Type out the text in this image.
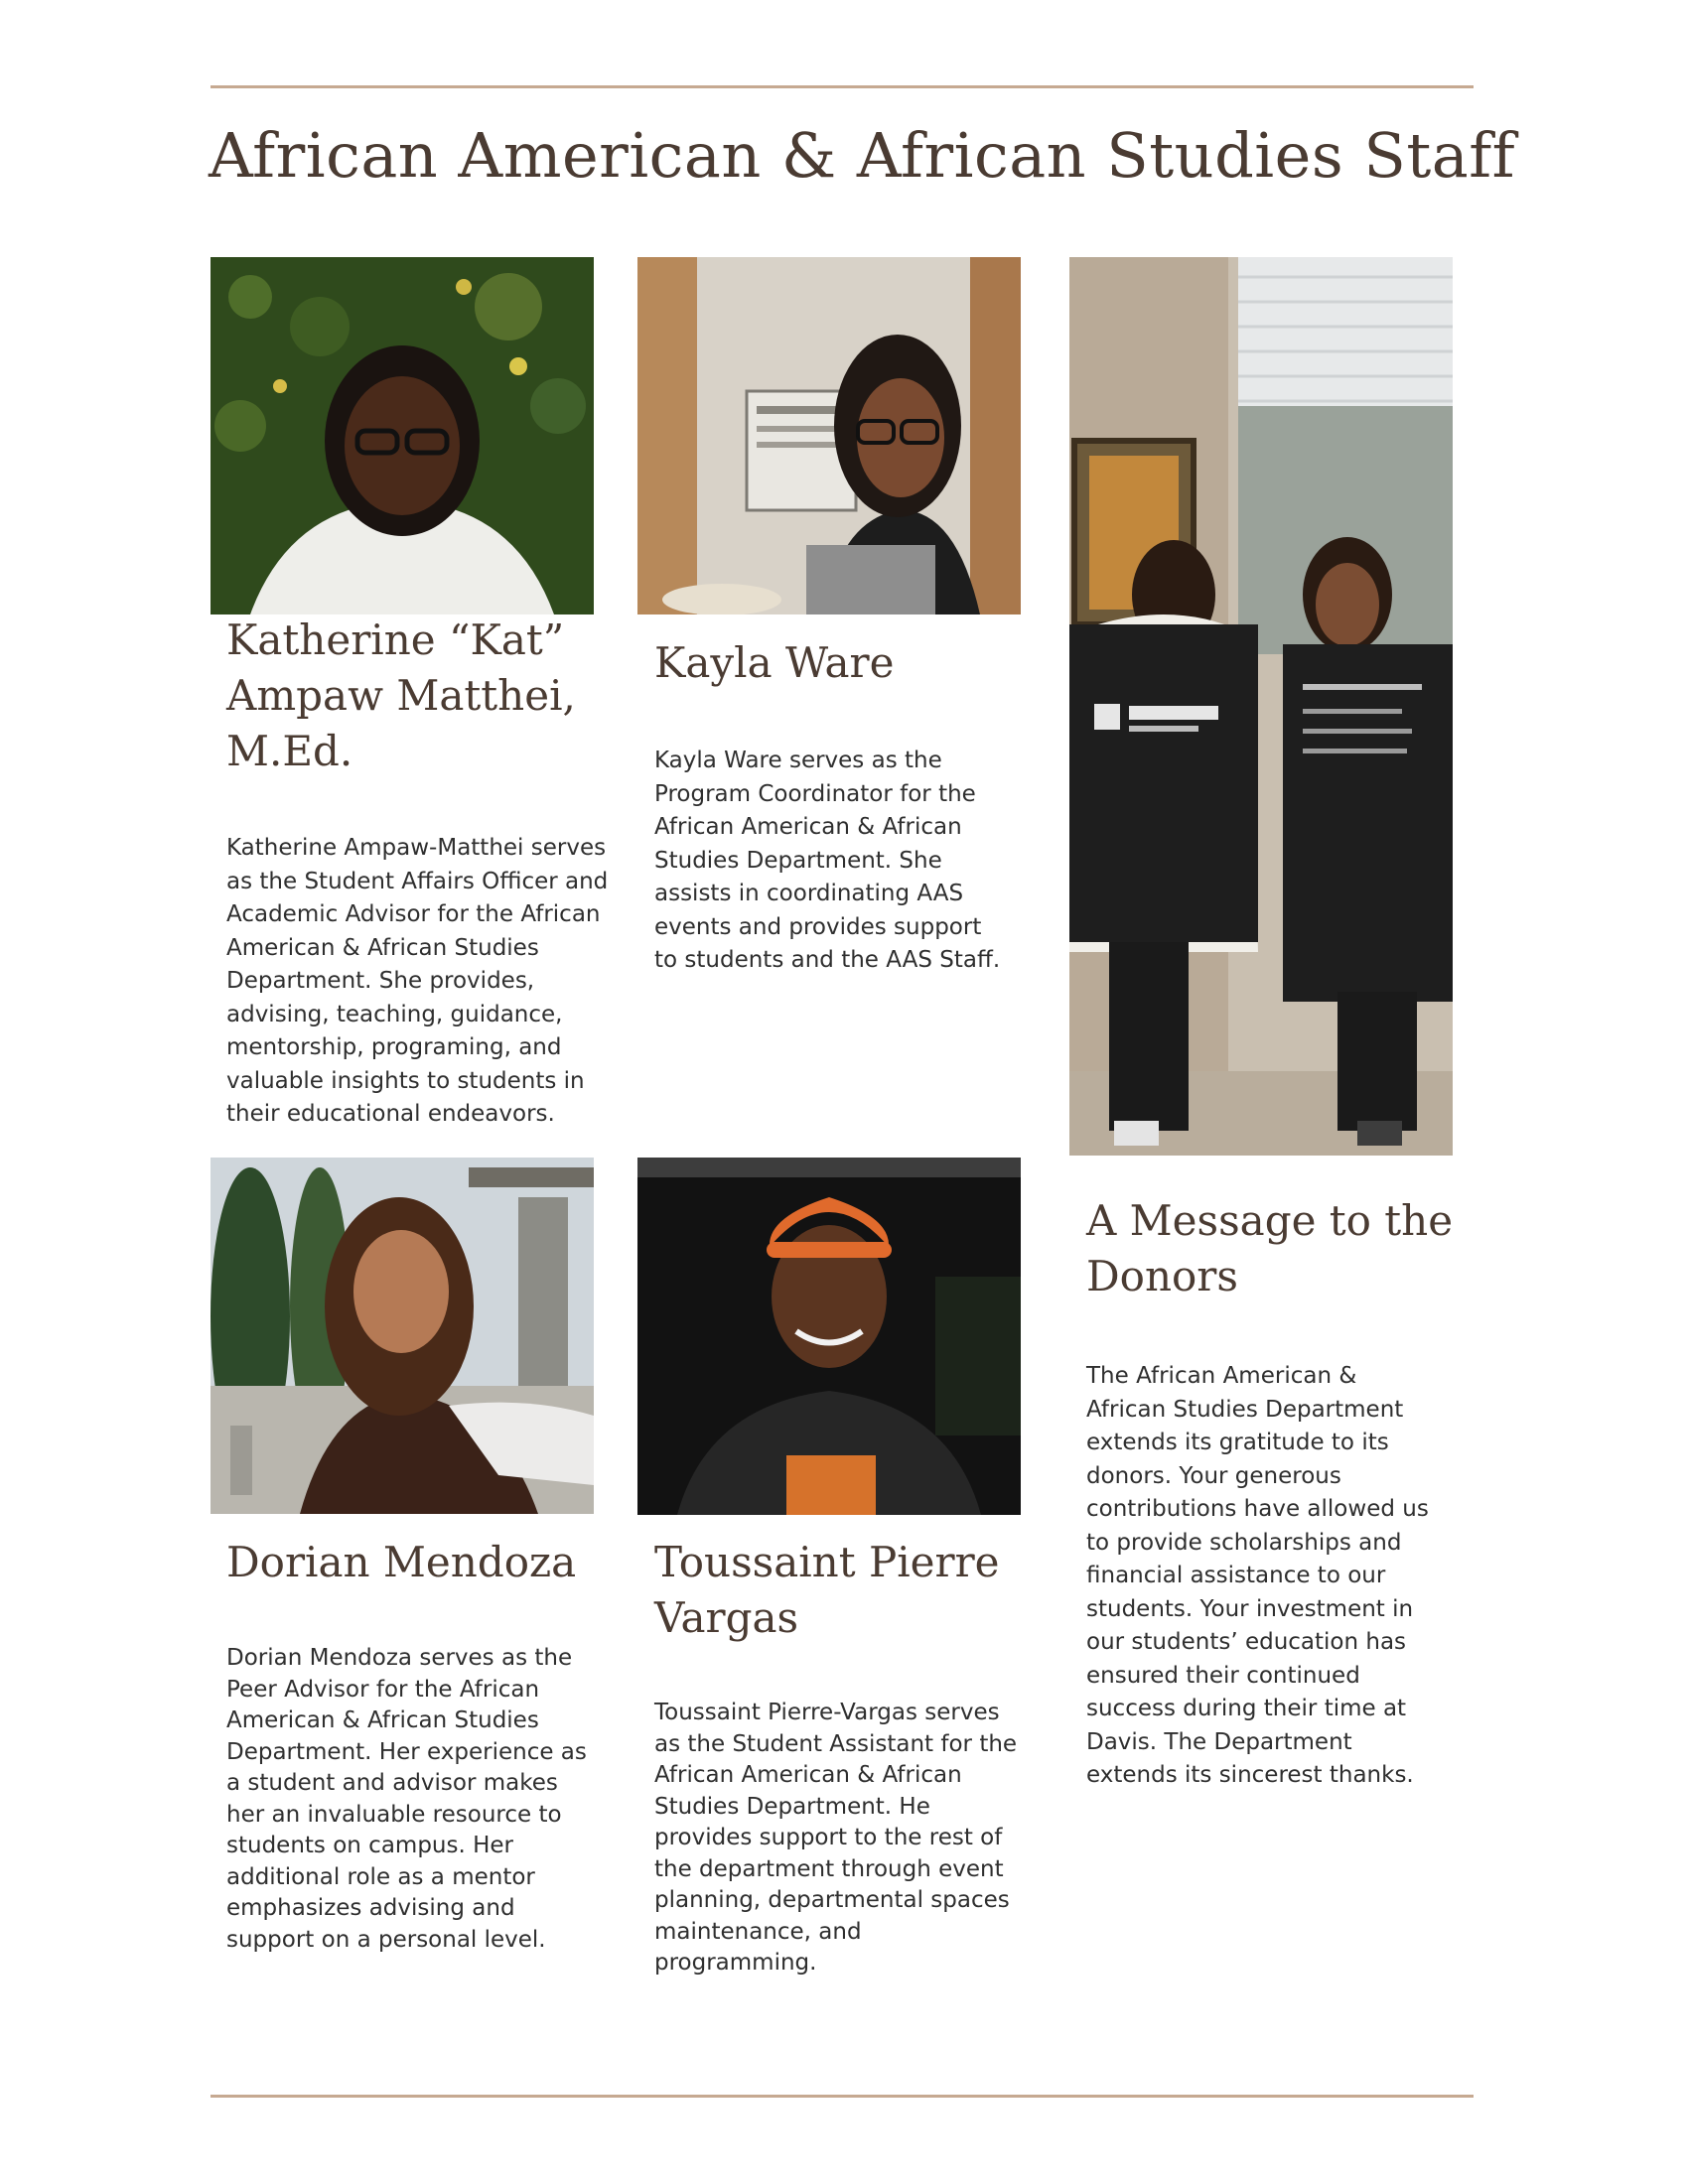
African American & African Studies Staff
Katherine “Kat”
Ampaw Matthei,
M.Ed.
Katherine Ampaw-Matthei serves
as the Student Affairs Officer and
Academic Advisor for the African
American & African Studies
Department. She provides,
advising, teaching, guidance,
mentorship, programing, and
valuable insights to students in
their educational endeavors.
Kayla Ware
Kayla Ware serves as the
Program Coordinator for the
African American & African
Studies Department. She
assists in coordinating AAS
events and provides support
to students and the AAS Staff.
Dorian Mendoza
Dorian Mendoza serves as the
Peer Advisor for the African
American & African Studies
Department. Her experience as
a student and advisor makes
her an invaluable resource to
students on campus. Her
additional role as a mentor
emphasizes advising and
support on a personal level.
Toussaint Pierre
Vargas
Toussaint Pierre-Vargas serves
as the Student Assistant for the
African American & African
Studies Department. He
provides support to the rest of
the department through event
planning, departmental spaces
maintenance, and
programming.
A Message to the
Donors
The African American &
African Studies Department
extends its gratitude to its
donors. Your generous
contributions have allowed us
to provide scholarships and
financial assistance to our
students. Your investment in
our students’ education has
ensured their continued
success during their time at
Davis. The Department
extends its sincerest thanks.
